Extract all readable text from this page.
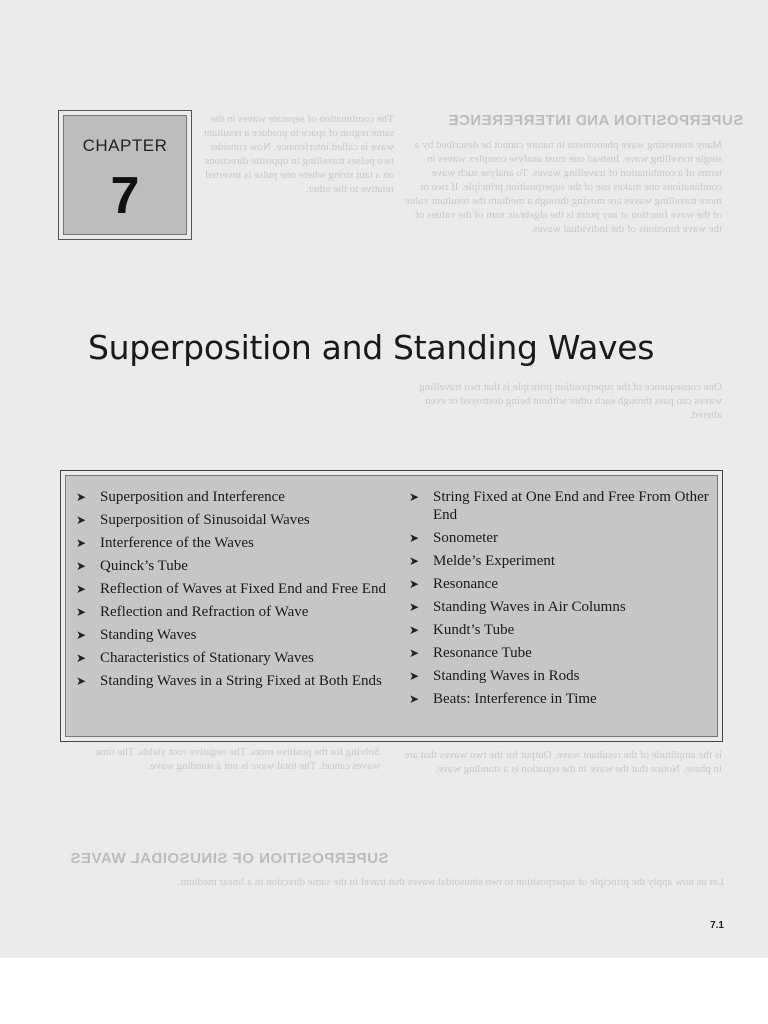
SUPERPOSITION AND INTERFERENCE
Many interesting wave phenomena in nature cannot be described by a single travelling wave. Instead one must analyse complex waves in terms of a combination of travelling waves. To analyse such wave combinations one makes use of the superposition principle. If two or more travelling waves are moving through a medium the resultant value of the wave function at any point is the algebraic sum of the values of the wave functions of the individual waves.
The combination of separate waves in the same region of space to produce a resultant wave is called interference. Now consider two pulses travelling in opposite directions on a taut string where one pulse is inverted relative to the other.
One consequence of the superposition principle is that two travelling waves can pass through each other without being destroyed or even altered.
Solving for the positive roots. The negative root yields. The time waves cancel. The total wave is not a standing wave.
SUPERPOSITION OF SINUSOIDAL WAVES
Let us now apply the principle of superposition to two sinusoidal waves that travel in the same direction in a linear medium.
is the amplitude of the resultant wave. Output for the two waves that are in phase. Notice that the wave in the equation is a standing wave.
CHAPTER
7
Superposition and Standing Waves
➤ Superposition and Interference
➤ Superposition of Sinusoidal Waves
➤ Interference of the Waves
➤ Quinck’s Tube
➤ Reflection of Waves at Fixed End and Free End
➤ Reflection and Refraction of Wave
➤ Standing Waves
➤ Characteristics of Stationary Waves
➤ Standing Waves in a String Fixed at Both Ends
➤ String Fixed at One End and Free From Other End
➤ Sonometer
➤ Melde’s Experiment
➤ Resonance
➤ Standing Waves in Air Columns
➤ Kundt’s Tube
➤ Resonance Tube
➤ Standing Waves in Rods
➤ Beats: Interference in Time
7.1
